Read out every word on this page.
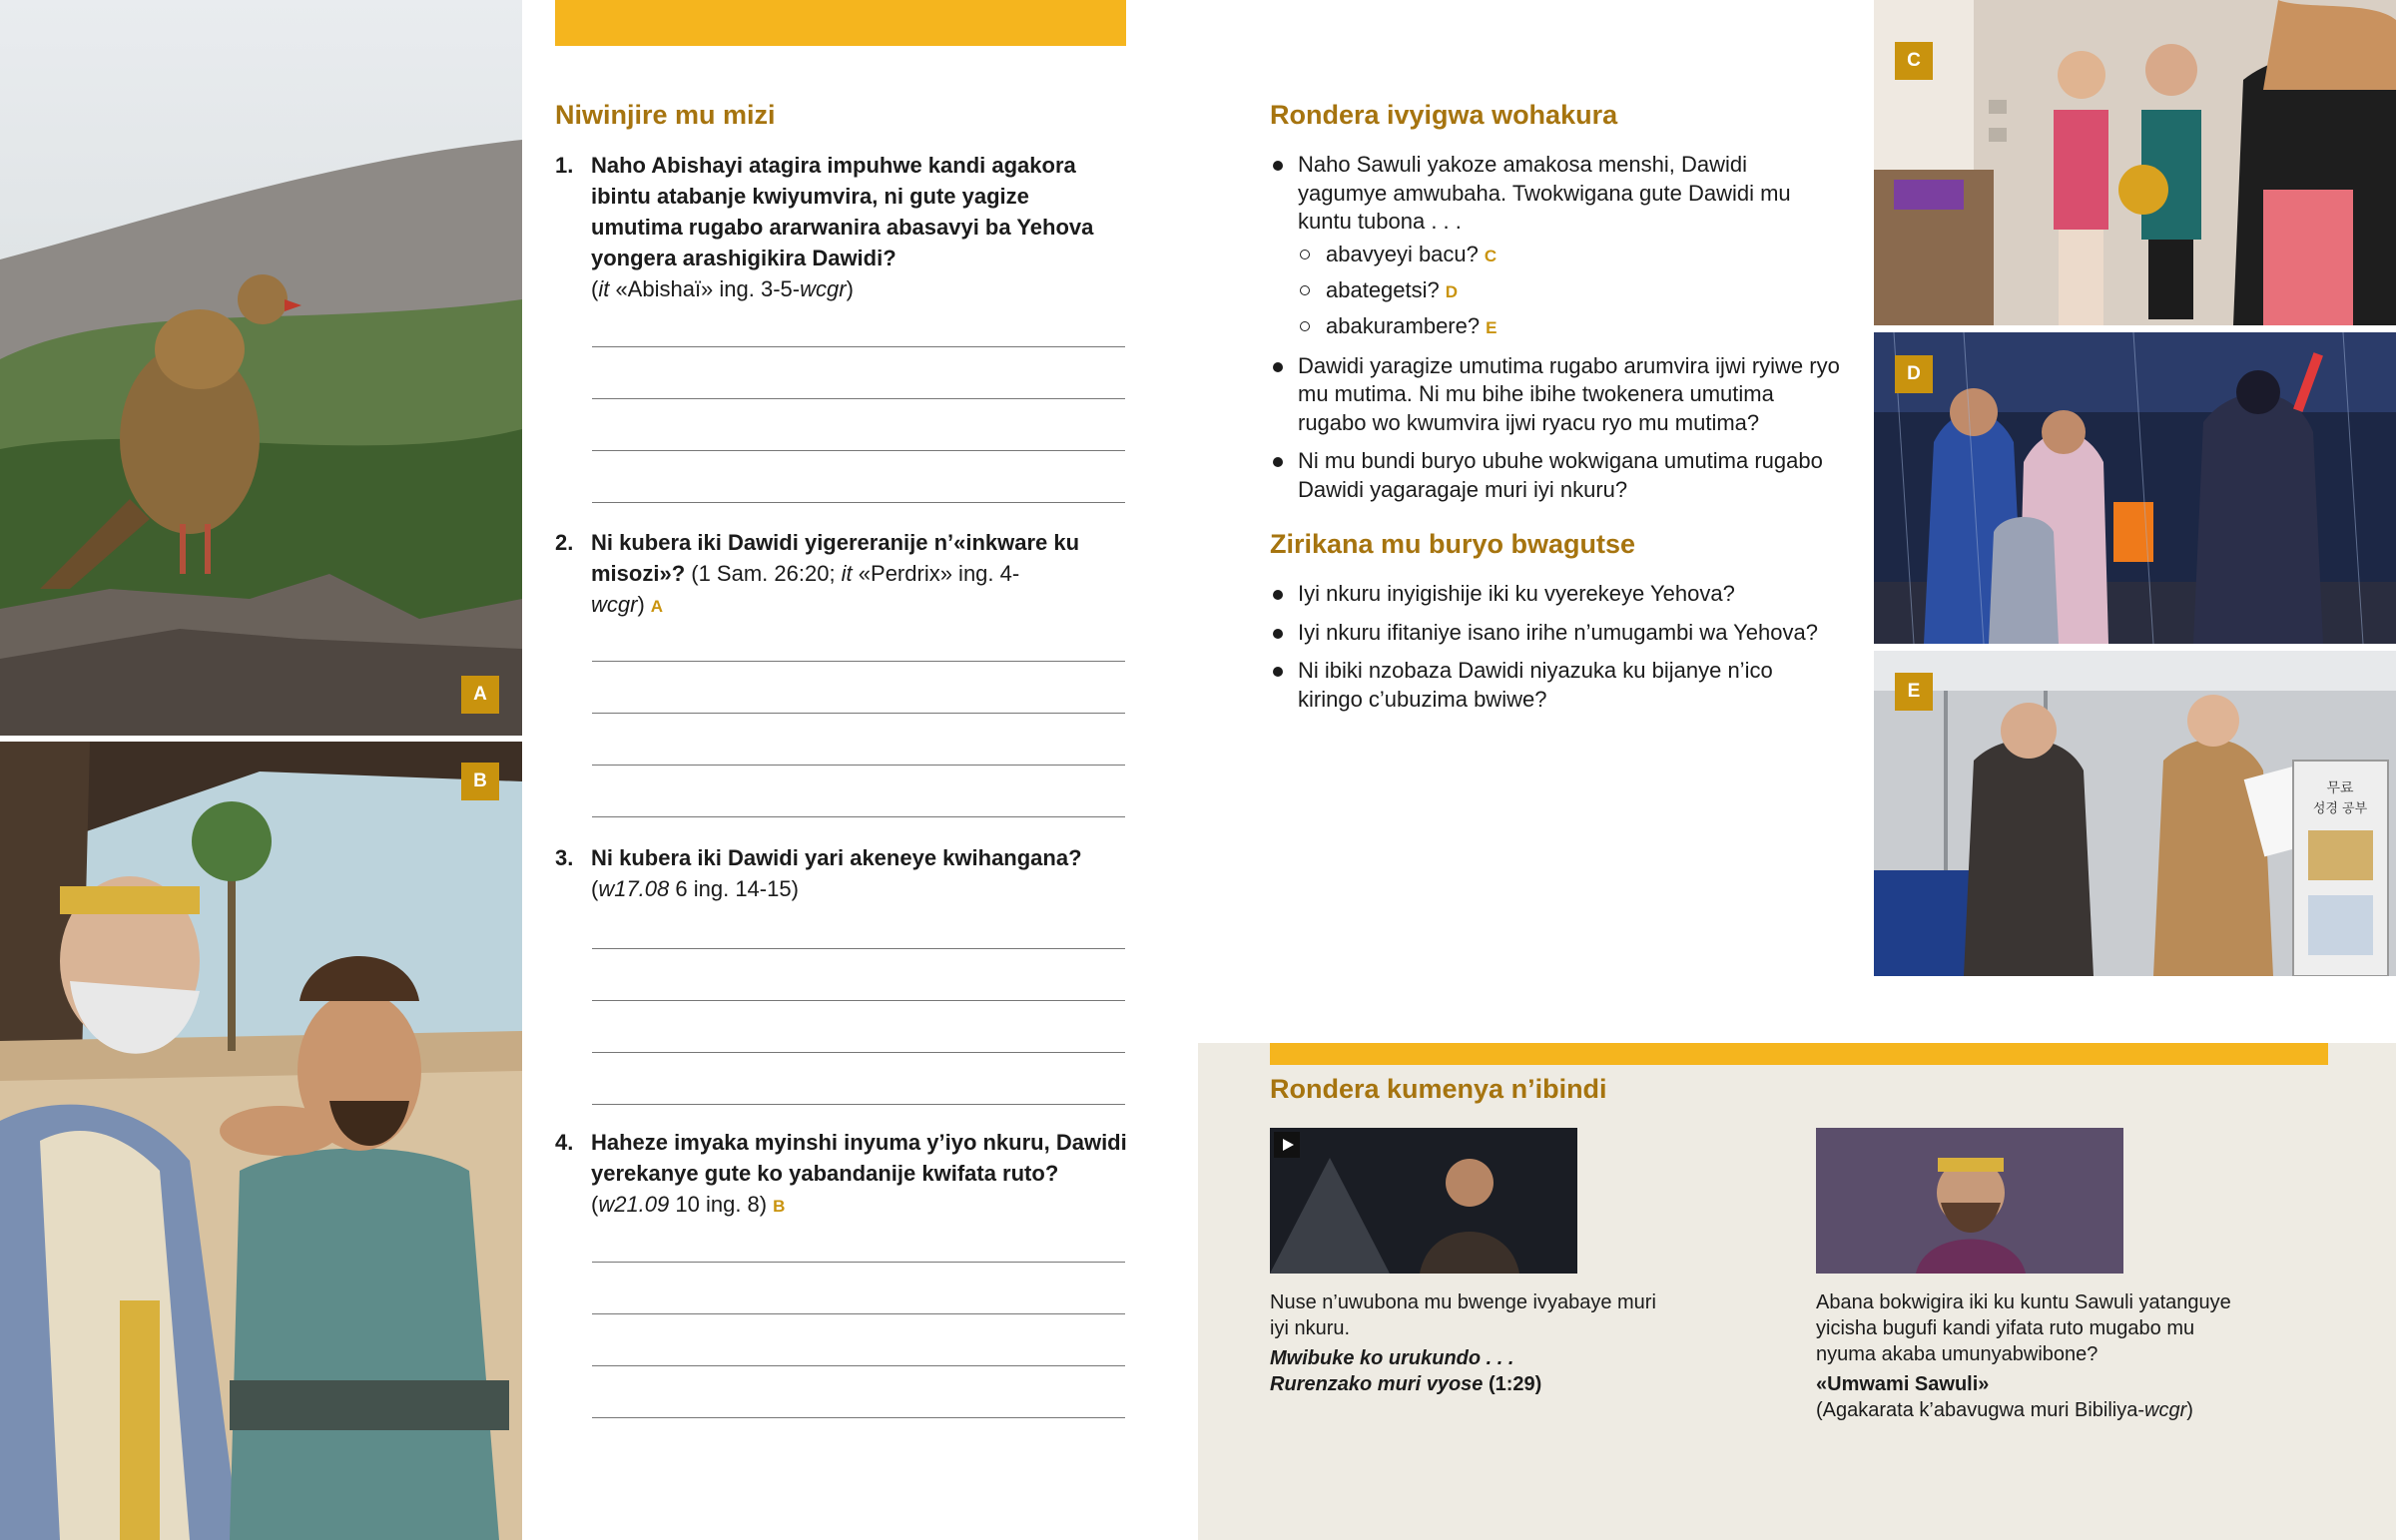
A
B
Niwinjire mu mizi
1. Naho Abishayi atagira impuhwe kandi agakora ibintu atabanje kwiyumvira, ni gute yagize umutima rugabo ararwanira abasavyi ba Yehova yongera arashigikira Dawidi?
(it «Abishaï» ing. 3-5-wcgr)
2. Ni kubera iki Dawidi yigereranije n’«inkware ku misozi»? (1 Sam. 26:20; it «Perdrix» ing. 4-wcgr) A
3. Ni kubera iki Dawidi yari akeneye kwihangana?
(w17.08 6 ing. 14-15)
4. Haheze imyaka myinshi inyuma y’iyo nkuru, Dawidi yerekanye gute ko yabandanije kwifata ruto?
(w21.09 10 ing. 8) B
Rondera ivyigwa wohakura
Naho Sawuli yakoze amakosa menshi, Dawidi yagumye amwubaha. Twokwigana gute Dawidi mu kuntu tubona . . .
abavyeyi bacu? C
abategetsi? D
abakurambere? E
Dawidi yaragize umutima rugabo arumvira ijwi ryiwe ryo mu mutima. Ni mu bihe ibihe twokenera umutima rugabo wo kwumvira ijwi ryacu ryo mu mutima?
Ni mu bundi buryo ubuhe wokwigana umutima rugabo Dawidi yagaragaje muri iyi nkuru?
Zirikana mu buryo bwagutse
Iyi nkuru inyigishije iki ku vyerekeye Yehova?
Iyi nkuru ifitaniye isano irihe n’umugambi wa Yehova?
Ni ibiki nzobaza Dawidi niyazuka ku bijanye n’ico kiringo c’ubuzima bwiwe?
C
D
무료
성경 공부
E
Rondera kumenya n’ibindi
Nuse n’uwubona mu bwenge ivyabaye muri iyi nkuru.
Mwibuke ko urukundo . . .
Rurenzako muri vyose (1:29)
Abana bokwigira iki ku kuntu Sawuli yatanguye yicisha bugufi kandi yifata ruto mugabo mu nyuma akaba umunyabwibone?
«Umwami Sawuli»
(Agakarata k’abavugwa muri Bibiliya-wcgr)
